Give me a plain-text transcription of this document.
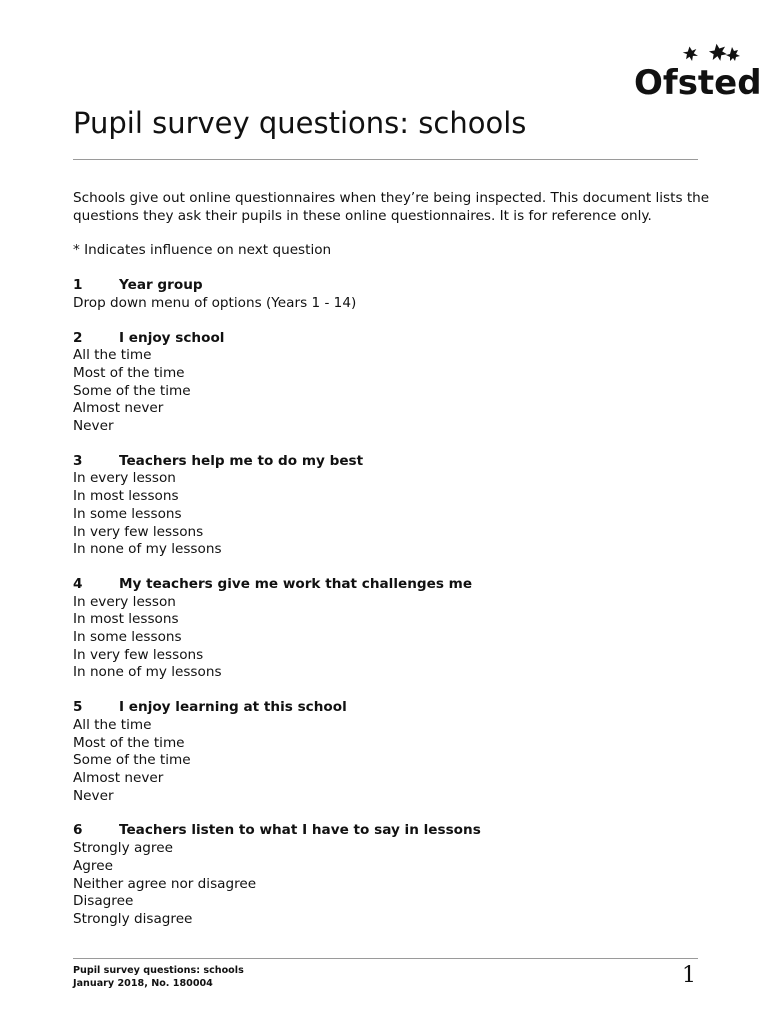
Ofsted
Pupil survey questions: schools

Schools give out online questionnaires when they’re being inspected. This document lists the questions they ask their pupils in these online questionnaires. It is for reference only.

* Indicates influence on next question

1	Year group
Drop down menu of options (Years 1 - 14)
2	I enjoy school
All the time
Most of the time
Some of the time
Almost never
Never
3	Teachers help me to do my best
In every lesson
In most lessons
In some lessons
In very few lessons
In none of my lessons
4	My teachers give me work that challenges me
In every lesson
In most lessons
In some lessons
In very few lessons
In none of my lessons
5	I enjoy learning at this school
All the time
Most of the time
Some of the time
Almost never
Never
6	Teachers listen to what I have to say in lessons
Strongly agree
Agree
Neither agree nor disagree
Disagree
Strongly disagree
Pupil survey questions: schools
January 2018, No. 180004	1
